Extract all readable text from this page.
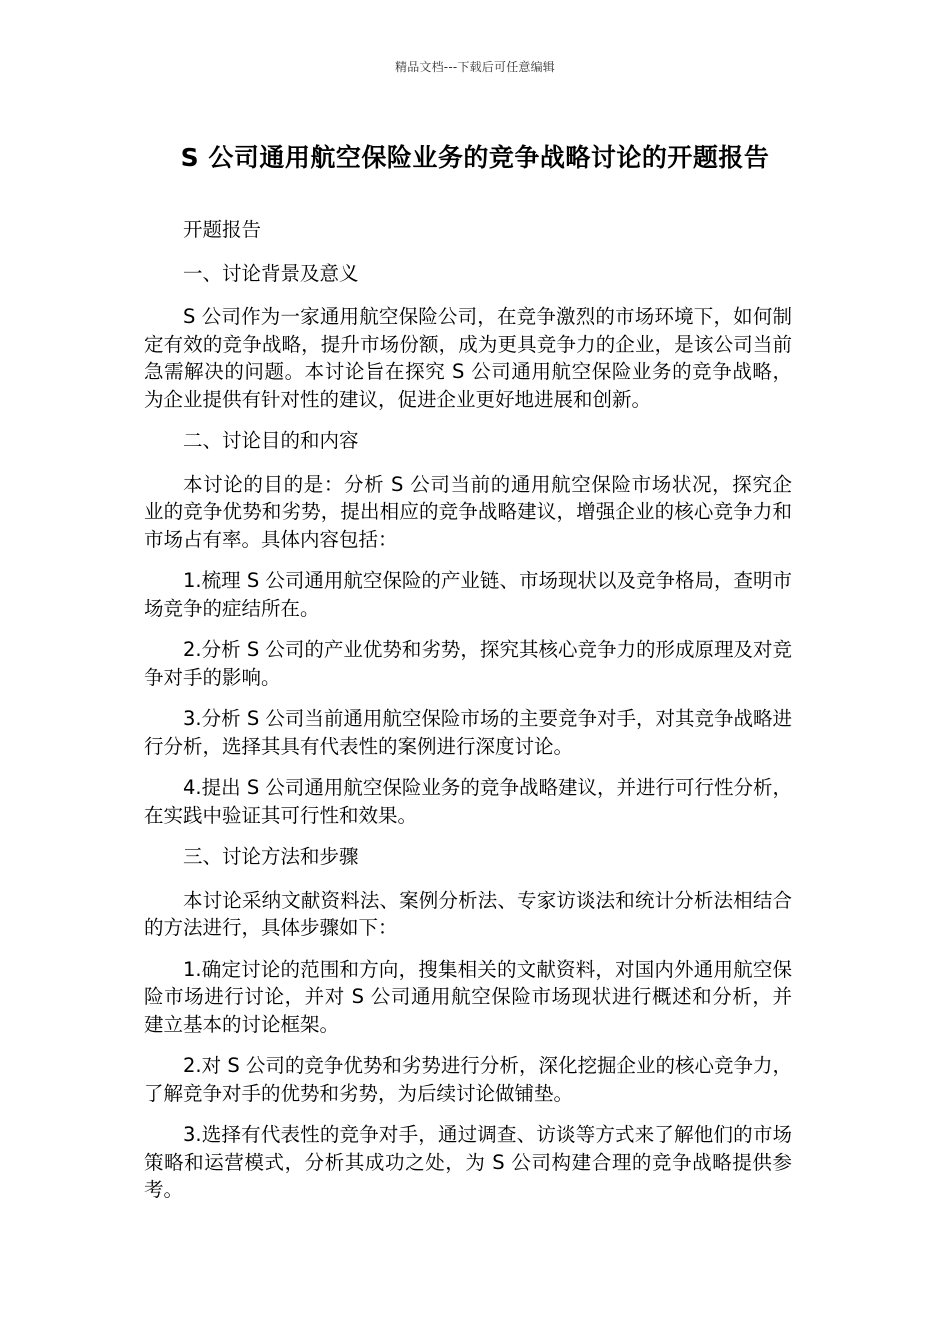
精品文档---下载后可任意编辑
S 公司通用航空保险业务的竞争战略讨论的开题报告

开题报告

一、讨论背景及意义

S 公司作为一家通用航空保险公司，在竞争激烈的市场环境下，如何制定有效的竞争战略，提升市场份额，成为更具竞争力的企业，是该公司当前急需解决的问题。本讨论旨在探究 S 公司通用航空保险业务的竞争战略，为企业提供有针对性的建议，促进企业更好地进展和创新。

二、讨论目的和内容

本讨论的目的是：分析 S 公司当前的通用航空保险市场状况，探究企业的竞争优势和劣势，提出相应的竞争战略建议，增强企业的核心竞争力和市场占有率。具体内容包括：

1.梳理 S 公司通用航空保险的产业链、市场现状以及竞争格局，查明市场竞争的症结所在。

2.分析 S 公司的产业优势和劣势，探究其核心竞争力的形成原理及对竞争对手的影响。

3.分析 S 公司当前通用航空保险市场的主要竞争对手，对其竞争战略进行分析，选择其具有代表性的案例进行深度讨论。

4.提出 S 公司通用航空保险业务的竞争战略建议，并进行可行性分析，在实践中验证其可行性和效果。

三、讨论方法和步骤

本讨论采纳文献资料法、案例分析法、专家访谈法和统计分析法相结合的方法进行，具体步骤如下：

1.确定讨论的范围和方向，搜集相关的文献资料，对国内外通用航空保险市场进行讨论，并对 S 公司通用航空保险市场现状进行概述和分析，并建立基本的讨论框架。

2.对 S 公司的竞争优势和劣势进行分析，深化挖掘企业的核心竞争力，了解竞争对手的优势和劣势，为后续讨论做铺垫。

3.选择有代表性的竞争对手，通过调查、访谈等方式来了解他们的市场策略和运营模式，分析其成功之处，为 S 公司构建合理的竞争战略提供参考。
